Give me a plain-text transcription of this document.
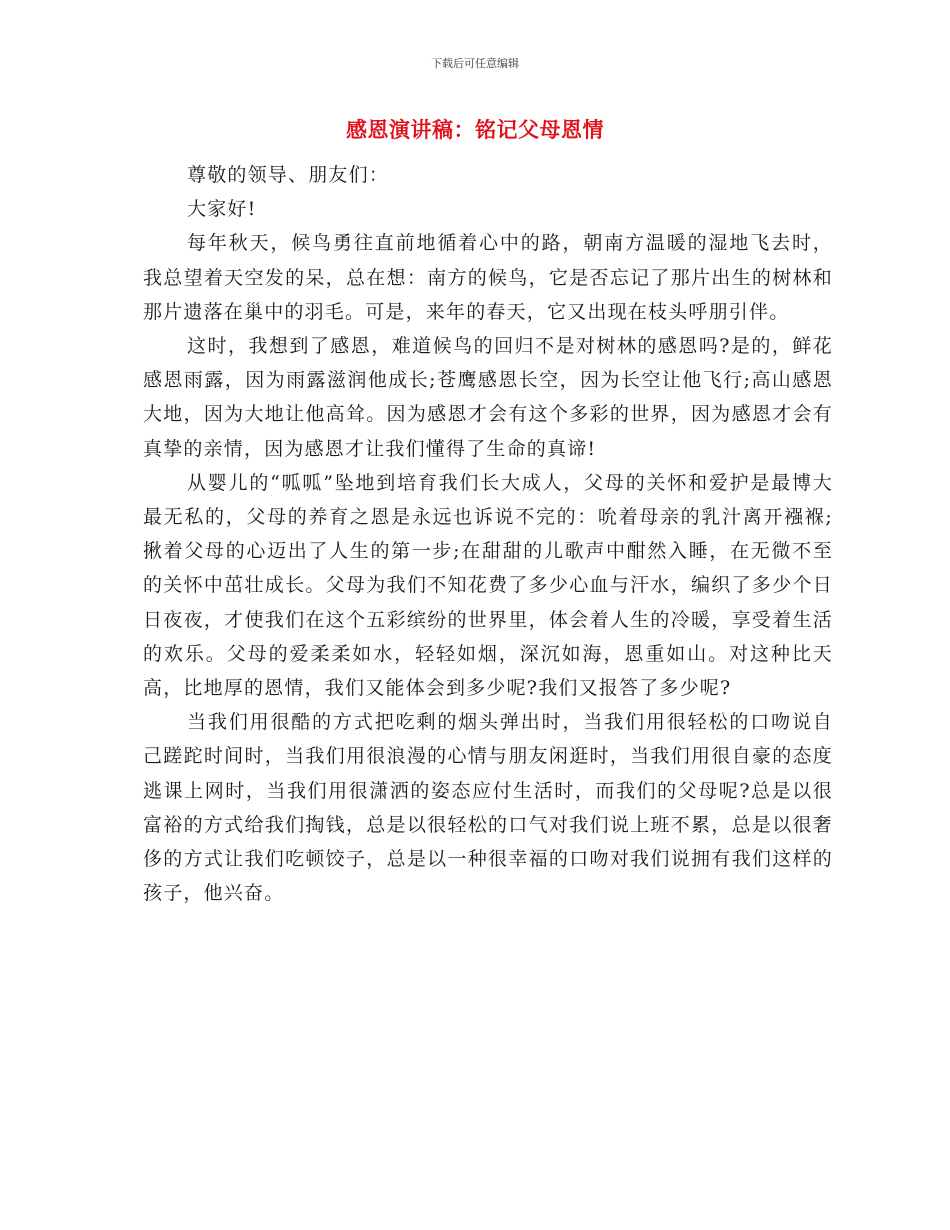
下载后可任意编辑
感恩演讲稿：铭记父母恩情

尊敬的领导、朋友们：

大家好!

每年秋天，候鸟勇往直前地循着心中的路，朝南方温暖的湿地飞去时，我总望着天空发的呆，总在想：南方的候鸟，它是否忘记了那片出生的树林和那片遗落在巢中的羽毛。可是，来年的春天，它又出现在枝头呼朋引伴。

这时，我想到了感恩，难道候鸟的回归不是对树林的感恩吗?是的，鲜花感恩雨露，因为雨露滋润他成长;苍鹰感恩长空，因为长空让他飞行;高山感恩大地，因为大地让他高耸。因为感恩才会有这个多彩的世界，因为感恩才会有真挚的亲情，因为感恩才让我们懂得了生命的真谛!

从婴儿的“呱呱”坠地到培育我们长大成人，父母的关怀和爱护是最博大最无私的，父母的养育之恩是永远也诉说不完的：吮着母亲的乳汁离开襁褓;揪着父母的心迈出了人生的第一步;在甜甜的儿歌声中酣然入睡，在无微不至的关怀中茁壮成长。父母为我们不知花费了多少心血与汗水，编织了多少个日日夜夜，才使我们在这个五彩缤纷的世界里，体会着人生的冷暖，享受着生活的欢乐。父母的爱柔柔如水，轻轻如烟，深沉如海，恩重如山。对这种比天高，比地厚的恩情，我们又能体会到多少呢?我们又报答了多少呢?

当我们用很酷的方式把吃剩的烟头弹出时，当我们用很轻松的口吻说自己蹉跎时间时，当我们用很浪漫的心情与朋友闲逛时，当我们用很自豪的态度逃课上网时，当我们用很潇洒的姿态应付生活时，而我们的父母呢?总是以很富裕的方式给我们掏钱，总是以很轻松的口气对我们说上班不累，总是以很奢侈的方式让我们吃顿饺子，总是以一种很幸福的口吻对我们说拥有我们这样的孩子，他兴奋。
